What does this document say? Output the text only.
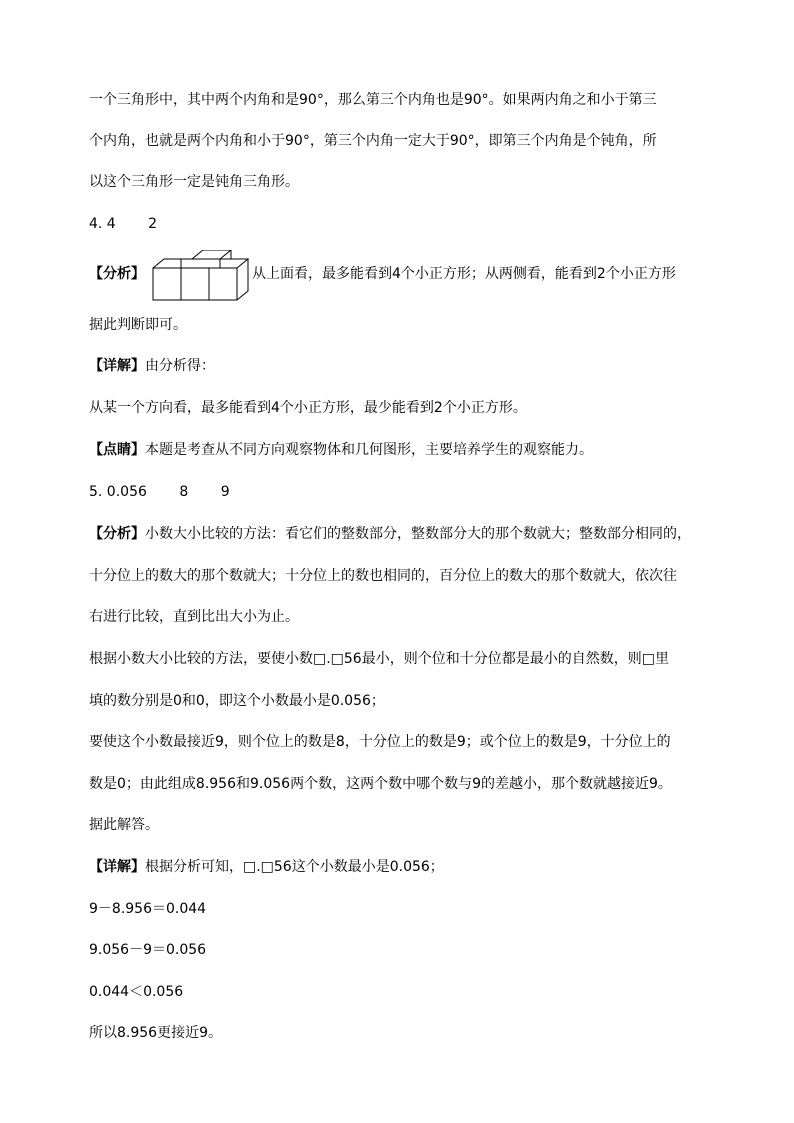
一个三角形中，其中两个内角和是90°，那么第三个内角也是90°。如果两内角之和小于第三
个内角，也就是两个内角和小于90°，第三个内角一定大于90°，即第三个内角是个钝角，所
以这个三角形一定是钝角三角形。
4. 4　　 2
【分析】	从上面看，最多能看到4个小正方形；从两侧看，能看到2个小正方形
据此判断即可。
【详解】由分析得：
从某一个方向看，最多能看到4个小正方形，最少能看到2个小正方形。
【点睛】本题是考查从不同方向观察物体和几何图形，主要培养学生的观察能力。
5. 0.056　　 8　　 9
【分析】小数大小比较的方法：看它们的整数部分，整数部分大的那个数就大；整数部分相同的，
十分位上的数大的那个数就大；十分位上的数也相同的，百分位上的数大的那个数就大，依次往
右进行比较，直到比出大小为止。
根据小数大小比较的方法，要使小数□.□56最小，则个位和十分位都是最小的自然数，则□里
填的数分别是0和0，即这个小数最小是0.056；
要使这个小数最接近9，则个位上的数是8，十分位上的数是9；或个位上的数是9，十分位上的
数是0；由此组成8.956和9.056两个数，这两个数中哪个数与9的差越小，那个数就越接近9。
据此解答。
【详解】根据分析可知，□.□56这个小数最小是0.056；
9－8.956＝0.044
9.056－9＝0.056
0.044＜0.056
所以8.956更接近9。
